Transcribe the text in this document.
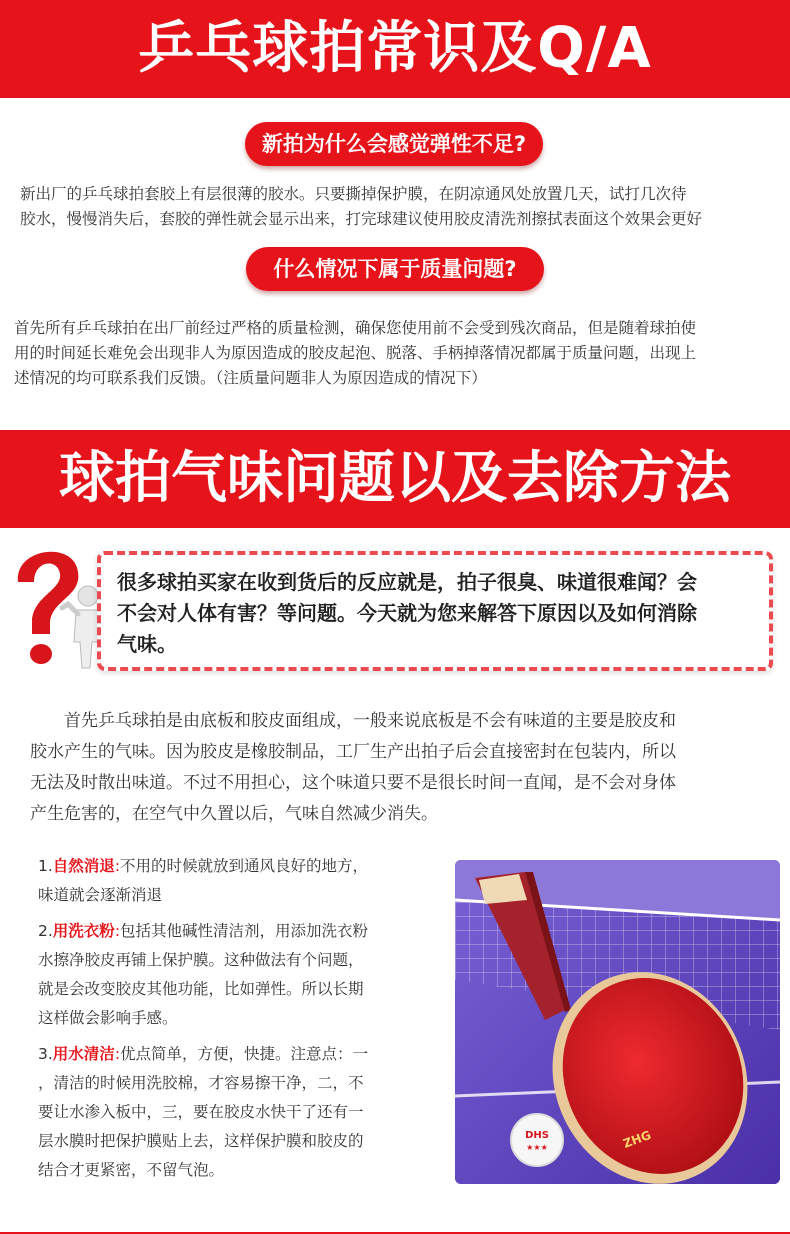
乒乓球拍常识及Q/A
新拍为什么会感觉弹性不足?
新出厂的乒乓球拍套胶上有层很薄的胶水。只要撕掉保护膜，在阴凉通风处放置几天，试打几次待
胶水，慢慢消失后，套胶的弹性就会显示出来，打完球建议使用胶皮清洗剂擦拭表面这个效果会更好
什么情况下属于质量问题?
首先所有乒乓球拍在出厂前经过严格的质量检测，确保您使用前不会受到残次商品，但是随着球拍使
用的时间延长难免会出现非人为原因造成的胶皮起泡、脱落、手柄掉落情况都属于质量问题，出现上
述情况的均可联系我们反馈。（注质量问题非人为原因造成的情况下）
球拍气味问题以及去除方法
很多球拍买家在收到货后的反应就是，拍子很臭、味道很难闻？会
不会对人体有害？等问题。今天就为您来解答下原因以及如何消除
气味。

首先乒乓球拍是由底板和胶皮面组成，一般来说底板是不会有味道的主要是胶皮和

胶水产生的气味。因为胶皮是橡胶制品，工厂生产出拍子后会直接密封在包装内，所以
无法及时散出味道。不过不用担心，这个味道只要不是很长时间一直闻，是不会对身体
产生危害的，在空气中久置以后，气味自然减少消失。
1.自然消退:不用的时候就放到通风良好的地方，
味道就会逐渐消退
2.用洗衣粉:包括其他碱性清洁剂，用添加洗衣粉
水擦净胶皮再铺上保护膜。这种做法有个问题，
就是会改变胶皮其他功能，比如弹性。所以长期
这样做会影响手感。
3.用水清洁:优点简单，方便，快捷。注意点：一
，清洁的时候用洗胶棉，才容易擦干净，二，不
要让水渗入板中，三，要在胶皮水快干了还有一
层水膜时把保护膜贴上去，这样保护膜和胶皮的
结合才更紧密，不留气泡。
ZHG
DHS
★★★
